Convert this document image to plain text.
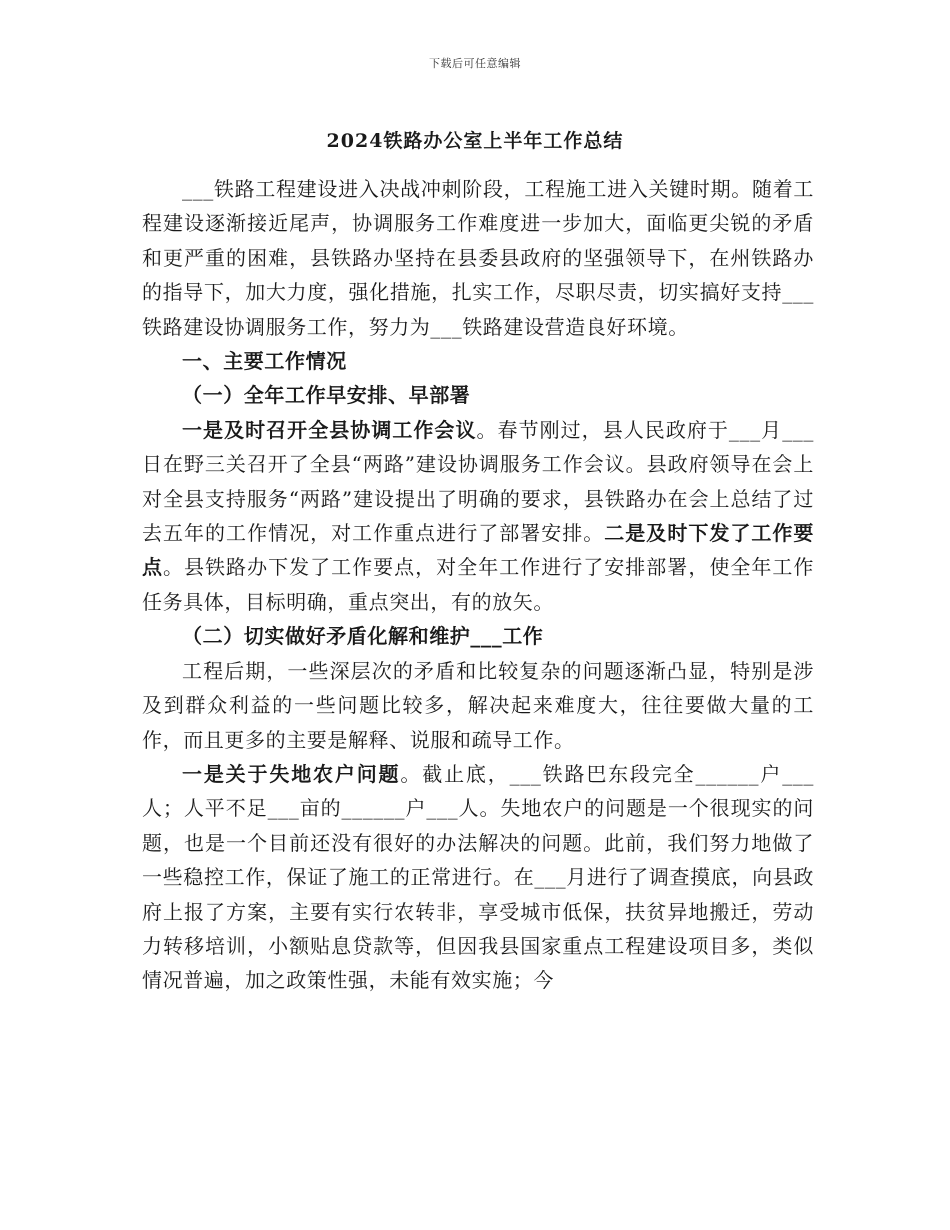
下载后可任意编辑
2024铁路办公室上半年工作总结

___铁路工程建设进入决战冲刺阶段，工程施工进入关键时期。随着工程建设逐渐接近尾声，协调服务工作难度进一步加大，面临更尖锐的矛盾和更严重的困难，县铁路办坚持在县委县政府的坚强领导下，在州铁路办的指导下，加大力度，强化措施，扎实工作，尽职尽责，切实搞好支持___铁路建设协调服务工作，努力为___铁路建设营造良好环境。

一、主要工作情况
（一）全年工作早安排、早部署

一是及时召开全县协调工作会议。春节刚过，县人民政府于___月___日在野三关召开了全县“两路”建设协调服务工作会议。县政府领导在会上对全县支持服务“两路”建设提出了明确的要求，县铁路办在会上总结了过去五年的工作情况，对工作重点进行了部署安排。二是及时下发了工作要点。县铁路办下发了工作要点，对全年工作进行了安排部署，使全年工作任务具体，目标明确，重点突出，有的放矢。

（二）切实做好矛盾化解和维护___工作

工程后期，一些深层次的矛盾和比较复杂的问题逐渐凸显，特别是涉及到群众利益的一些问题比较多，解决起来难度大，往往要做大量的工作，而且更多的主要是解释、说服和疏导工作。

一是关于失地农户问题。截止底，___铁路巴东段完全______户___人；人平不足___亩的______户___人。失地农户的问题是一个很现实的问题，也是一个目前还没有很好的办法解决的问题。此前，我们努力地做了一些稳控工作，保证了施工的正常进行。在___月进行了调查摸底，向县政府上报了方案，主要有实行农转非，享受城市低保，扶贫异地搬迁，劳动力转移培训，小额贴息贷款等，但因我县国家重点工程建设项目多，类似情况普遍，加之政策性强，未能有效实施；今
